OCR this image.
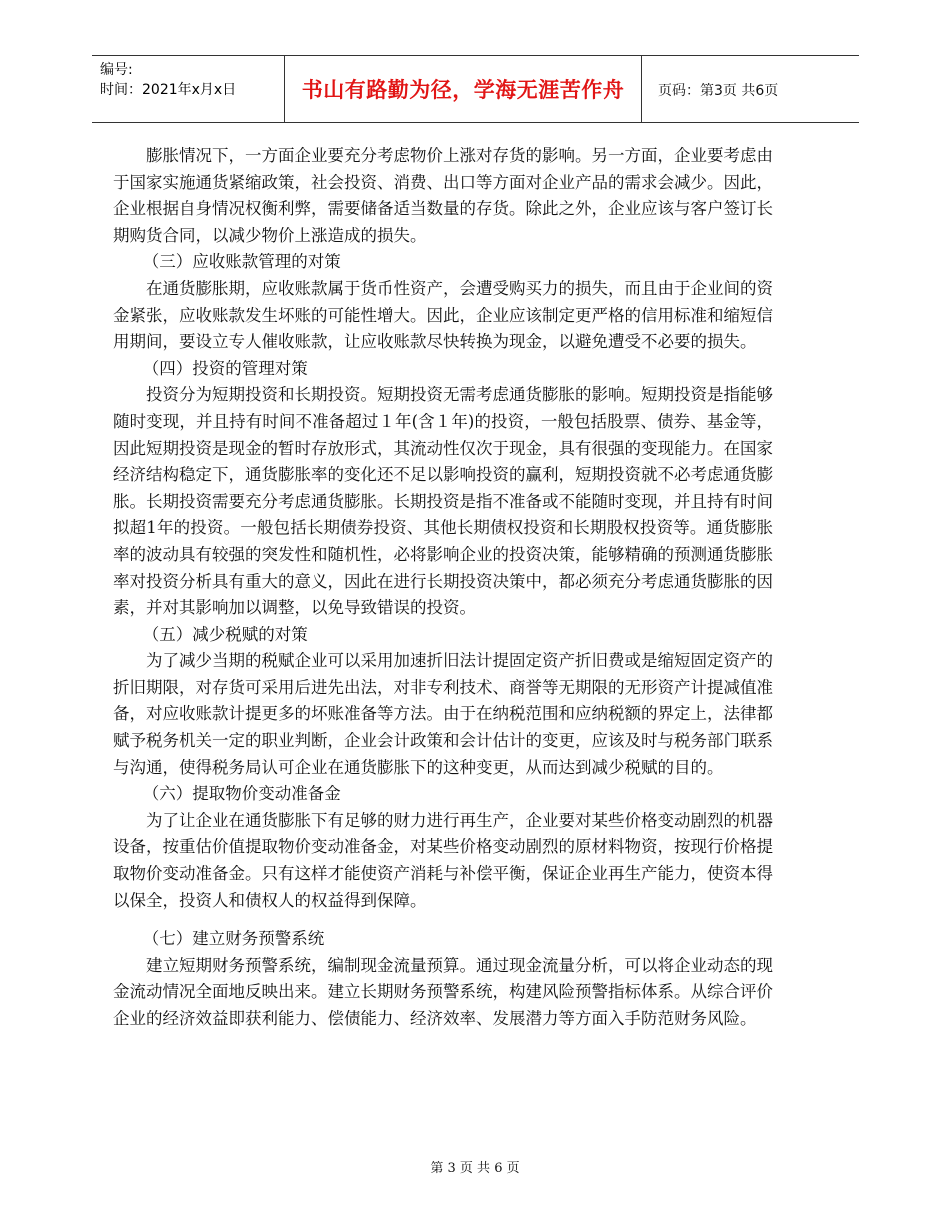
编号:
时间：2021年x月x日	书山有路勤为径，学海无涯苦作舟	页码：第3页 共6页

膨胀情况下，一方面企业要充分考虑物价上涨对存货的影响。另一方面，企业要考虑由于国家实施通货紧缩政策，社会投资、消费、出口等方面对企业产品的需求会减少。因此，企业根据自身情况权衡利弊，需要储备适当数量的存货。除此之外，企业应该与客户签订长期购货合同，以减少物价上涨造成的损失。

（三）应收账款管理的对策

在通货膨胀期，应收账款属于货币性资产，会遭受购买力的损失，而且由于企业间的资金紧张，应收账款发生坏账的可能性增大。因此，企业应该制定更严格的信用标准和缩短信用期间，要设立专人催收账款，让应收账款尽快转换为现金，以避免遭受不必要的损失。

（四）投资的管理对策

投资分为短期投资和长期投资。短期投资无需考虑通货膨胀的影响。短期投资是指能够随时变现，并且持有时间不准备超过１年(含１年)的投资，一般包括股票、债券、基金等，因此短期投资是现金的暂时存放形式，其流动性仅次于现金，具有很强的变现能力。在国家经济结构稳定下，通货膨胀率的变化还不足以影响投资的赢利，短期投资就不必考虑通货膨胀。长期投资需要充分考虑通货膨胀。长期投资是指不准备或不能随时变现，并且持有时间拟超1年的投资。一般包括长期债券投资、其他长期债权投资和长期股权投资等。通货膨胀率的波动具有较强的突发性和随机性，必将影响企业的投资决策，能够精确的预测通货膨胀率对投资分析具有重大的意义，因此在进行长期投资决策中，都必须充分考虑通货膨胀的因素，并对其影响加以调整，以免导致错误的投资。

（五）减少税赋的对策

为了减少当期的税赋企业可以采用加速折旧法计提固定资产折旧费或是缩短固定资产的折旧期限，对存货可采用后进先出法，对非专利技术、商誉等无期限的无形资产计提减值准备，对应收账款计提更多的坏账准备等方法。由于在纳税范围和应纳税额的界定上，法律都赋予税务机关一定的职业判断，企业会计政策和会计估计的变更，应该及时与税务部门联系与沟通，使得税务局认可企业在通货膨胀下的这种变更，从而达到减少税赋的目的。

（六）提取物价变动准备金

为了让企业在通货膨胀下有足够的财力进行再生产，企业要对某些价格变动剧烈的机器设备，按重估价值提取物价变动准备金，对某些价格变动剧烈的原材料物资，按现行价格提取物价变动准备金。只有这样才能使资产消耗与补偿平衡，保证企业再生产能力，使资本得以保全，投资人和债权人的权益得到保障。

（七）建立财务预警系统

建立短期财务预警系统，编制现金流量预算。通过现金流量分析，可以将企业动态的现金流动情况全面地反映出来。建立长期财务预警系统，构建风险预警指标体系。从综合评价企业的经济效益即获利能力、偿债能力、经济效率、发展潜力等方面入手防范财务风险。

第 3 页 共 6 页
